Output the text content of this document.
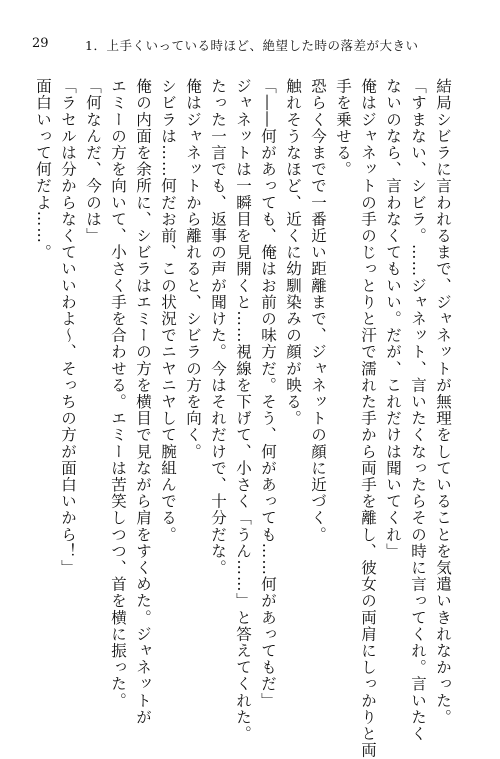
29	1．上手くいっている時ほど、絶望した時の落差が大きい

結局シビラに言われるまで、ジャネットが無理をしていることを気遣いきれなかった。

「すまない、シビラ。……ジャネット、言いたくなったらその時に言ってくれ。言いたく

ないのなら、言わなくてもいい。だが、これだけは聞いてくれ」

俺はジャネットの手のじっとりと汗で濡れた手から両手を離し、彼女の両肩にしっかりと両

手を乗せる。

恐らく今までで一番近い距離まで、ジャネットの顔に近づく。

触れそうなほど、近くに幼馴染みの顔が映る。

「――何があっても、俺はお前の味方だ。そう、何があっても……何があってもだ」

ジャネットは一瞬目を見開くと……視線を下げて、小さく「うん……」と答えてくれた。

たった一言でも、返事の声が聞けた。今はそれだけで、十分だな。

俺はジャネットから離れると、シビラの方を向く。

シビラは……何だお前、この状況でニヤニヤして腕組んでる。

俺の内面を余所に、シビラはエミーの方を横目で見ながら肩をすくめた。ジャネットが

エミーの方を向いて、小さく手を合わせる。エミーは苦笑しつつ、首を横に振った。

「何なんだ、今のは」

「ラセルは分からなくていいわよ～、そっちの方が面白いから！」

面白いって何だよ……。
